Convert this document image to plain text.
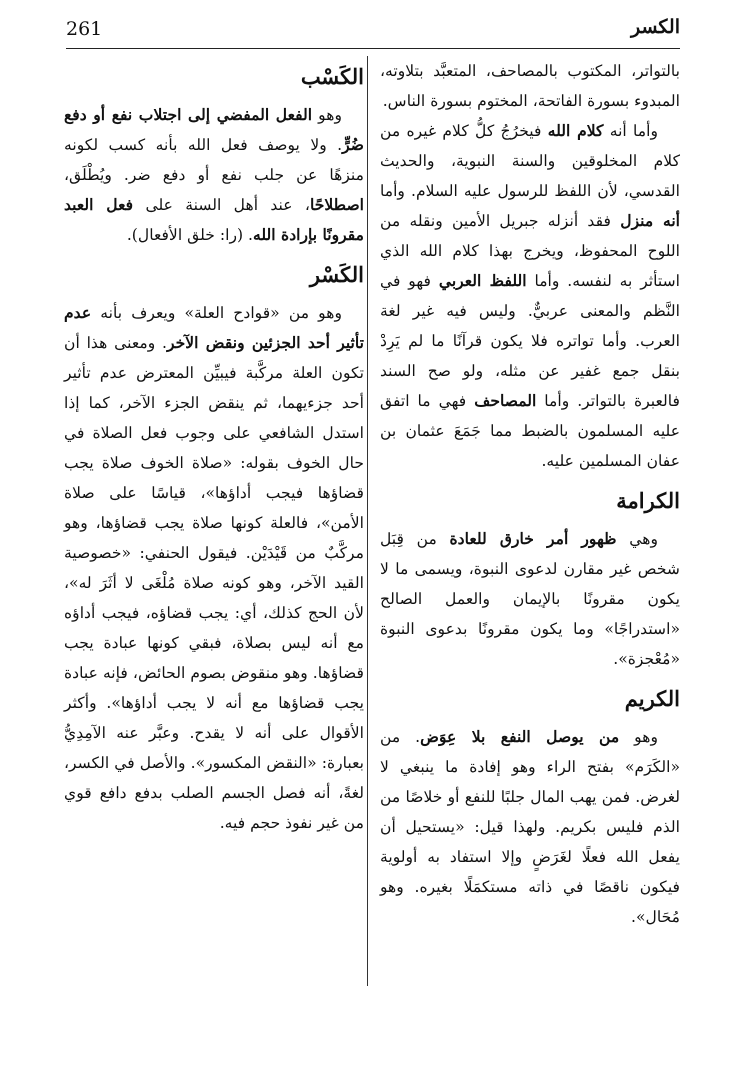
261	الكسر

بالتواتر، المكتوب بالمصاحف، المتعبَّد بتلاوته، المبدوء بسورة الفاتحة، المختوم بسورة الناس.

وأما أنه كلام الله فيخرُجُ كلُّ كلام غيره من كلام المخلوقين والسنة النبوية، والحديث القدسي، لأن اللفظ للرسول عليه السلام. وأما أنه منزل فقد أنزله جبريل الأمين ونقله من اللوح المحفوظ، ويخرج بهذا كلام الله الذي استأثر به لنفسه. وأما اللفظ العربي فهو في النَّظم والمعنى عربيٌّ. وليس فيه غير لغة العرب. وأما تواتره فلا يكون قرآنًا ما لم يَرِدْ بنقل جمع غفير عن مثله، ولو صح السند فالعبرة بالتواتر. وأما المصاحف فهي ما اتفق عليه المسلمون بالضبط مما جَمَعَ عثمان بن عفان المسلمين عليه.

الكرامة

وهي ظهور أمر خارق للعادة من قِبَل شخص غير مقارن لدعوى النبوة، ويسمى ما لا يكون مقرونًا بالإيمان والعمل الصالح «استدراجًا» وما يكون مقرونًا بدعوى النبوة «مُعْجزة».

الكريم

وهو من يوصل النفع بلا عِوَض. من «الكَرَم» بفتح الراء وهو إفادة ما ينبغي لا لغرض. فمن يهب المال جلبًا للنفع أو خلاصًا من الذم فليس بكريم. ولهذا قيل: «يستحيل أن يفعل الله فعلًا لغَرَضٍ وإلا استفاد به أولوية فيكون ناقصًا في ذاته مستكمَلًا بغيره. وهو مُحَال».

الكَسْب

وهو الفعل المفضي إلى اجتلاب نفع أو دفع ضُرٍّ. ولا يوصف فعل الله بأنه كسب لكونه منزهًا عن جلب نفع أو دفع ضر. ويُطْلَق، اصطلاحًا، عند أهل السنة على فعل العبد مقرونًا بإرادة الله. (را: خلق الأفعال).

الكَسْر

وهو من «قوادح العلة» ويعرف بأنه عدم تأثير أحد الجزئين ونقض الآخر. ومعنى هذا أن تكون العلة مركَّبة فيبيِّن المعترض عدم تأثير أحد جزءيهما، ثم ينقض الجزء الآخر، كما إذا استدل الشافعي على وجوب فعل الصلاة في حال الخوف بقوله: «صلاة الخوف صلاة يجب قضاؤها فيجب أداؤها»، قياسًا على صلاة الأمن»، فالعلة كونها صلاة يجب قضاؤها، وهو مركَّبٌ من قَيْدَيْن. فيقول الحنفي: «خصوصية القيد الآخر، وهو كونه صلاة مُلْغَى لا أثَرَ له»، لأن الحج كذلك، أي: يجب قضاؤه، فيجب أداؤه مع أنه ليس بصلاة، فبقي كونها عبادة يجب قضاؤها. وهو منقوض بصوم الحائض، فإنه عبادة يجب قضاؤها مع أنه لا يجب أداؤها». وأكثر الأقوال على أنه لا يقدح. وعبَّر عنه الآمِدِيُّ بعبارة: «النقض المكسور». والأصل في الكسر، لغةً، أنه فصل الجسم الصلب بدفع دافع قوي من غير نفوذ حجم فيه.
